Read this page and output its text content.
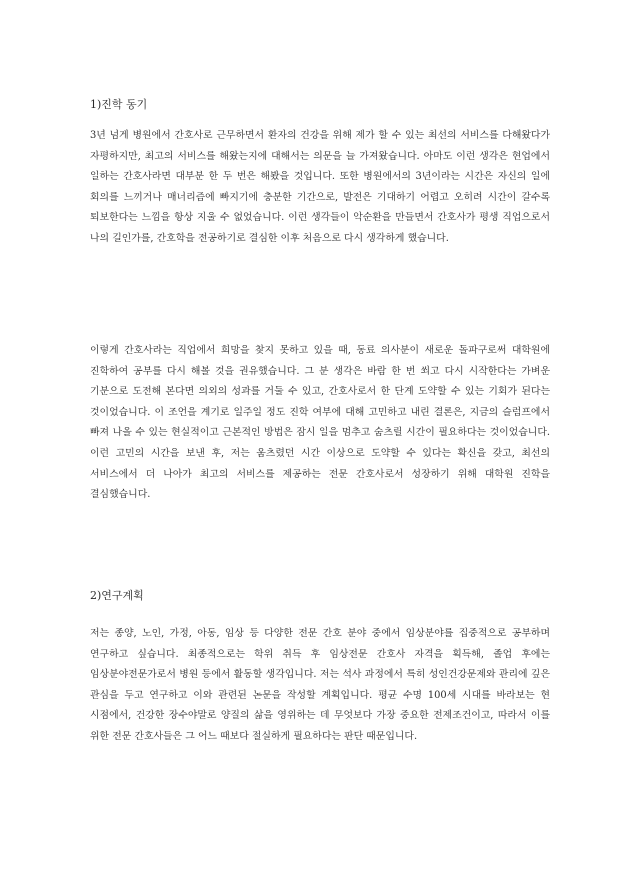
1)진학 동기

3년 넘게 병원에서 간호사로 근무하면서 환자의 건강을 위해 제가 할 수 있는 최선의 서비스를 다해왔다가 자평하지만, 최고의 서비스를 해왔는지에 대해서는 의문을 늘 가져왔습니다. 아마도 이런 생각은 현업에서 일하는 간호사라면 대부분 한 두 번은 해봤을 것입니다. 또한 병원에서의 3년이라는 시간은 자신의 일에 회의를 느끼거나 매너리즘에 빠지기에 충분한 기간으로, 발전은 기대하기 어렵고 오히려 시간이 갈수록 퇴보한다는 느낌을 항상 지울 수 없었습니다. 이런 생각들이 악순환을 만들면서 간호사가 평생 직업으로서 나의 길인가를, 간호학을 전공하기로 결심한 이후 처음으로 다시 생각하게 했습니다.

이렇게 간호사라는 직업에서 희망을 찾지 못하고 있을 때, 동료 의사분이 새로운 돌파구로써 대학원에 진학하여 공부를 다시 해볼 것을 권유했습니다. 그 분 생각은 바람 한 번 쐬고 다시 시작한다는 가벼운 기분으로 도전해 본다면 의외의 성과를 거둘 수 있고, 간호사로서 한 단계 도약할 수 있는 기회가 된다는 것이었습니다. 이 조언을 계기로 일주일 정도 진학 여부에 대해 고민하고 내린 결론은, 지금의 슬럼프에서 빠져 나올 수 있는 현실적이고 근본적인 방법은 잠시 일을 멈추고 숨츠릴 시간이 필요하다는 것이었습니다. 이런 고민의 시간을 보낸 후, 저는 움츠렸던 시간 이상으로 도약할 수 있다는 확신을 갖고, 최선의 서비스에서 더 나아가 최고의 서비스를 제공하는 전문 간호사로서 성장하기 위해 대학원 진학을 결심했습니다.

2)연구계획

저는 종양, 노인, 가정, 아동, 임상 등 다양한 전문 간호 분야 중에서 임상분야를 집중적으로 공부하며 연구하고 싶습니다. 최종적으로는 학위 취득 후 임상전문 간호사 자격을 획득해, 졸업 후에는 임상분야전문가로서 병원 등에서 활동할 생각입니다. 저는 석사 과정에서 특히 성인건강문제와 관리에 깊은 관심을 두고 연구하고 이와 관련된 논문을 작성할 계획입니다. 평균 수명 100세 시대를 바라보는 현 시점에서, 건강한 장수야말로 양질의 삶을 영위하는 데 무엇보다 가장 중요한 전제조건이고, 따라서 이를 위한 전문 간호사들은 그 어느 때보다 절실하게 필요하다는 판단 때문입니다.
